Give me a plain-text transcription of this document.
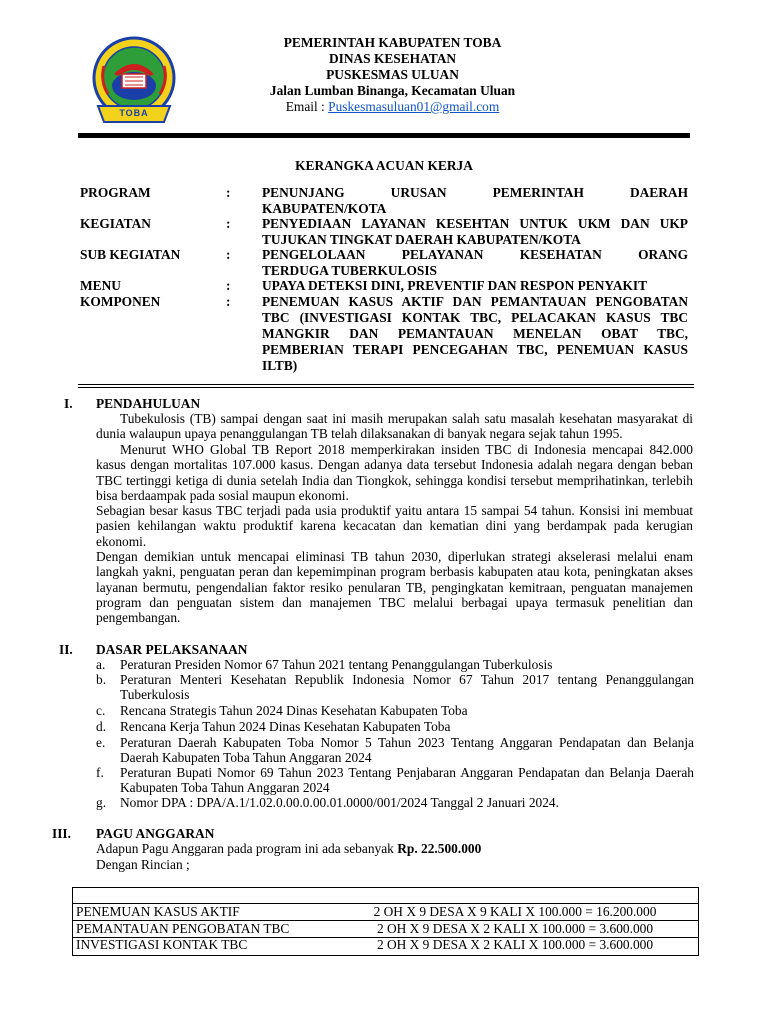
TOBA
PEMERINTAH KABUPATEN TOBA
DINAS KESEHATAN
PUSKESMAS ULUAN
Jalan Lumban Binanga, Kecamatan Uluan
Email : Puskesmasuluan01@gmail.com
KERANGKA ACUAN KERJA
PROGRAM	: PENUNJANG URUSAN PEMERINTAH DAERAH
KABUPATEN/KOTA
KEGIATAN	: PENYEDIAAN LAYANAN KESEHTAN UNTUK UKM DAN UKP
TUJUKAN TINGKAT DAERAH KABUPATEN/KOTA
SUB KEGIATAN	: PENGELOLAAN PELAYANAN KESEHATAN ORANG
TERDUGA TUBERKULOSIS
MENU	: UPAYA DETEKSI DINI, PREVENTIF DAN RESPON PENYAKIT
KOMPONEN	: PENEMUAN KASUS AKTIF DAN PEMANTAUAN PENGOBATAN TBC (INVESTIGASI KONTAK TBC, PELACAKAN KASUS TBC MANGKIR DAN PEMANTAUAN MENELAN OBAT TBC, PEMBERIAN TERAPI PENCEGAHAN TBC, PENEMUAN KASUS ILTB)
I. PENDAHULUAN
Tubekulosis (TB) sampai dengan saat ini masih merupakan salah satu masalah kesehatan masyarakat di dunia walaupun upaya penanggulangan TB telah dilaksanakan di banyak negara sejak tahun 1995.
Menurut WHO Global TB Report 2018 memperkirakan insiden TBC di Indonesia mencapai 842.000 kasus dengan mortalitas 107.000 kasus. Dengan adanya data tersebut Indonesia adalah negara dengan beban TBC tertinggi ketiga di dunia setelah India dan Tiongkok, sehingga kondisi tersebut memprihatinkan, terlebih bisa berdaampak pada sosial maupun ekonomi.
Sebagian besar kasus TBC terjadi pada usia produktif yaitu antara 15 sampai 54 tahun. Konsisi ini membuat pasien kehilangan waktu produktif karena kecacatan dan kematian dini yang berdampak pada kerugian ekonomi.
Dengan demikian untuk mencapai eliminasi TB tahun 2030, diperlukan strategi akselerasi melalui enam langkah yakni, penguatan peran dan kepemimpinan program berbasis kabupaten atau kota, peningkatan akses layanan bermutu, pengendalian faktor resiko penularan TB, pengingkatan kemitraan, penguatan manajemen program dan penguatan sistem dan manajemen TBC melalui berbagai upaya termasuk penelitian dan pengembangan.
II. DASAR PELAKSANAAN
a. Peraturan Presiden Nomor 67 Tahun 2021 tentang Penanggulangan Tuberkulosis
b. Peraturan Menteri Kesehatan Republik Indonesia Nomor 67 Tahun 2017 tentang Penanggulangan Tuberkulosis
c. Rencana Strategis Tahun 2024 Dinas Kesehatan Kabupaten Toba
d. Rencana Kerja Tahun 2024 Dinas Kesehatan Kabupaten Toba
e. Peraturan Daerah Kabupaten Toba Nomor 5 Tahun 2023 Tentang Anggaran Pendapatan dan Belanja Daerah Kabupaten Toba Tahun Anggaran 2024
f. Peraturan Bupati Nomor 69 Tahun 2023 Tentang Penjabaran Anggaran Pendapatan dan Belanja Daerah Kabupaten Toba Tahun Anggaran 2024
g. Nomor DPA : DPA/A.1/1.02.0.00.0.00.01.0000/001/2024 Tanggal 2 Januari 2024.
III. PAGU ANGGARAN
Adapun Pagu Anggaran pada program ini ada sebanyak Rp. 22.500.000
Dengan Rincian ;
PENEMUAN KASUS AKTIF	2 OH X 9 DESA X 9 KALI X 100.000 = 16.200.000
PEMANTAUAN PENGOBATAN TBC	2 OH X 9 DESA X 2 KALI X 100.000 = 3.600.000
INVESTIGASI KONTAK TBC	2 OH X 9 DESA X 2 KALI X 100.000 = 3.600.000
